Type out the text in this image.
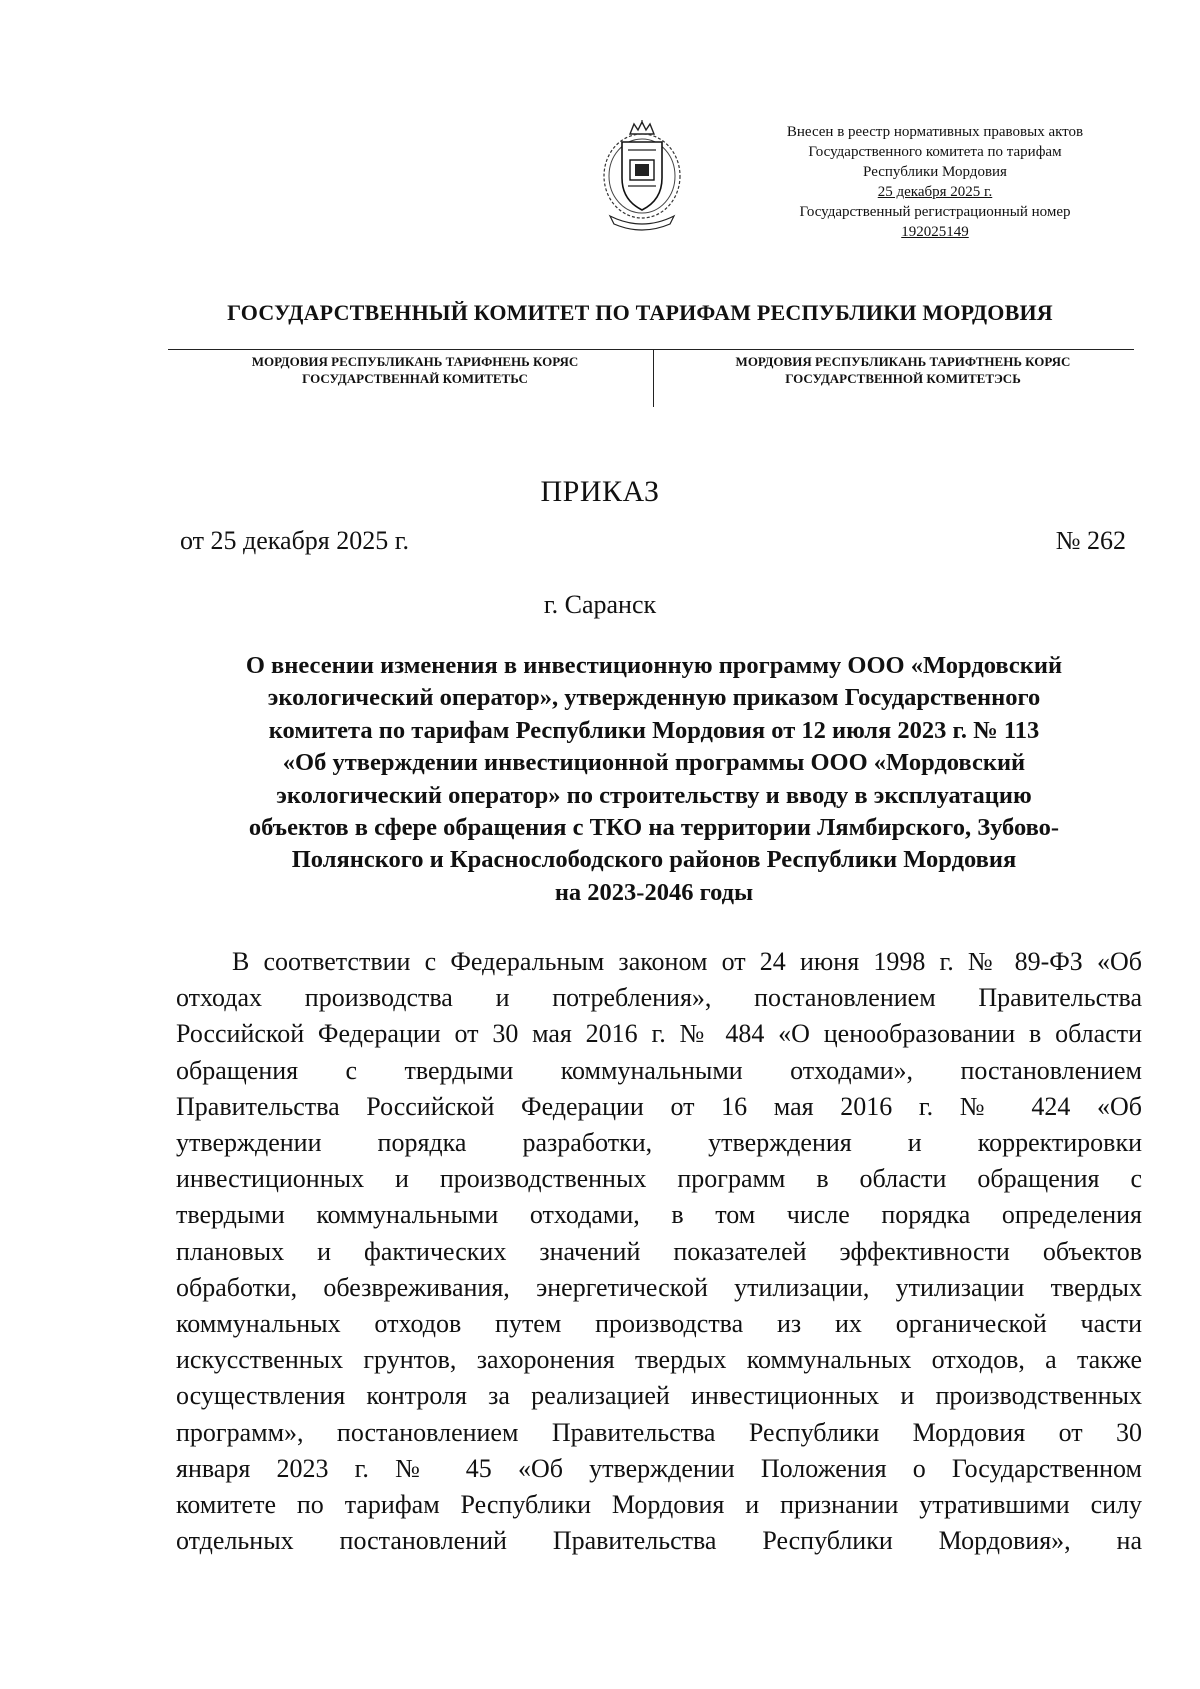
Внесен в реестр нормативных правовых актов
Государственного комитета по тарифам
Республики Мордовия
25 декабря 2025 г.
Государственный регистрационный номер
192025149
ГОСУДАРСТВЕННЫЙ КОМИТЕТ ПО ТАРИФАМ РЕСПУБЛИКИ МОРДОВИЯ
МОРДОВИЯ РЕСПУБЛИКАНЬ ТАРИФНЕНЬ КОРЯС
ГОСУДАРСТВЕННАЙ КОМИТЕТЬС
МОРДОВИЯ РЕСПУБЛИКАНЬ ТАРИФТНЕНЬ КОРЯС
ГОСУДАРСТВЕННОЙ КОМИТЕТЭСЬ
ПРИКАЗ
от 25 декабря 2025 г.	№ 262
г. Саранск
О внесении изменения в инвестиционную программу ООО «Мордовский
экологический оператор», утвержденную приказом Государственного
комитета по тарифам Республики Мордовия от 12 июля 2023 г. № 113
«Об утверждении инвестиционной программы ООО «Мордовский
экологический оператор» по строительству и вводу в эксплуатацию
объектов в сфере обращения с ТКО на территории Лямбирского, Зубово-
Полянского и Краснослободского районов Республики Мордовия
на 2023-2046 годы
В соответствии с Федеральным законом от 24 июня 1998 г. № 89-ФЗ «Об
отходах производства и потребления», постановлением Правительства
Российской Федерации от 30 мая 2016 г. № 484 «О ценообразовании в области
обращения с твердыми коммунальными отходами», постановлением
Правительства Российской Федерации от 16 мая 2016 г. № 424 «Об
утверждении порядка разработки, утверждения и корректировки
инвестиционных и производственных программ в области обращения с
твердыми коммунальными отходами, в том числе порядка определения
плановых и фактических значений показателей эффективности объектов
обработки, обезвреживания, энергетической утилизации, утилизации твердых
коммунальных отходов путем производства из их органической части
искусственных грунтов, захоронения твердых коммунальных отходов, а также
осуществления контроля за реализацией инвестиционных и производственных
программ», постановлением Правительства Республики Мордовия от 30
января 2023 г. № 45 «Об утверждении Положения о Государственном
комитете по тарифам Республики Мордовия и признании утратившими силу
отдельных постановлений Правительства Республики Мордовия», на
